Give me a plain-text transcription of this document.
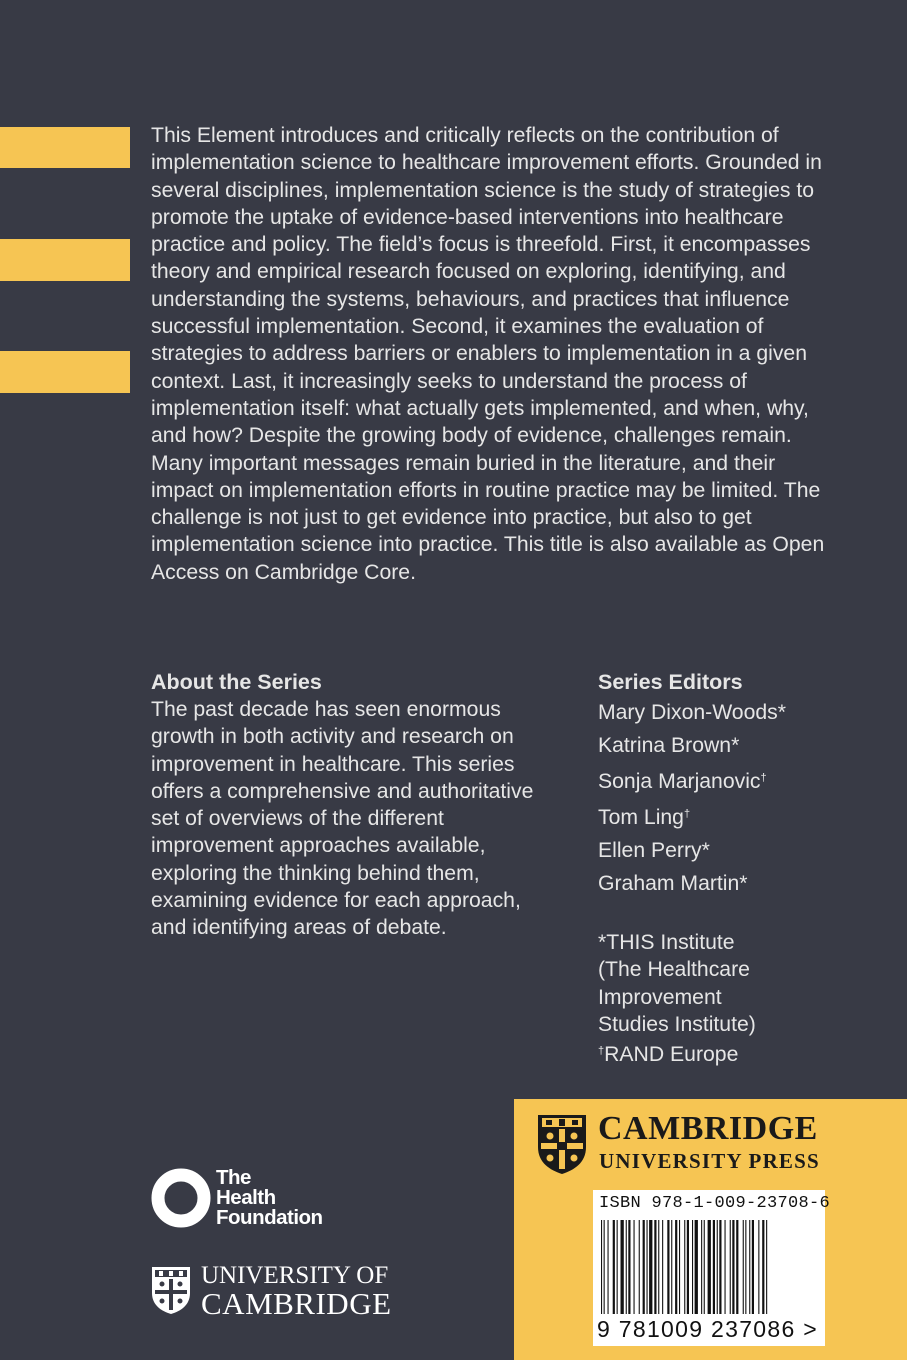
This Element introduces and critically reflects on the contribution of implementation science to healthcare improvement efforts. Grounded in several disciplines, implementation science is the study of strategies to promote the uptake of evidence-based interventions into healthcare practice and policy. The field’s focus is threefold. First, it encompasses theory and empirical research focused on exploring, identifying, and understanding the systems, behaviours, and practices that influence successful implementation. Second, it examines the evaluation of strategies to address barriers or enablers to implementation in a given context. Last, it increasingly seeks to understand the process of implementation itself: what actually gets implemented, and when, why, and how? Despite the growing body of evidence, challenges remain. Many important messages remain buried in the literature, and their impact on implementation efforts in routine practice may be limited. The challenge is not just to get evidence into practice, but also to get implementation science into practice. This title is also available as Open Access on Cambridge Core.

About the Series

The past decade has seen enormous growth in both activity and research on improvement in healthcare. This series offers a comprehensive and authoritative set of overviews of the different improvement approaches available, exploring the thinking behind them, examining evidence for each approach, and identifying areas of debate.

Series Editors

Mary Dixon-Woods*
Katrina Brown*
Sonja Marjanovic†
Tom Ling†
Ellen Perry*
Graham Martin*
*THIS Institute
(The Healthcare
Improvement
Studies Institute)
†RAND Europe
CAMBRIDGE
UNIVERSITY PRESS
ISBN 978-1-009-23708-6
9 781009 237086 >
The
Health
Foundation
UNIVERSITY OF
CAMBRIDGE
